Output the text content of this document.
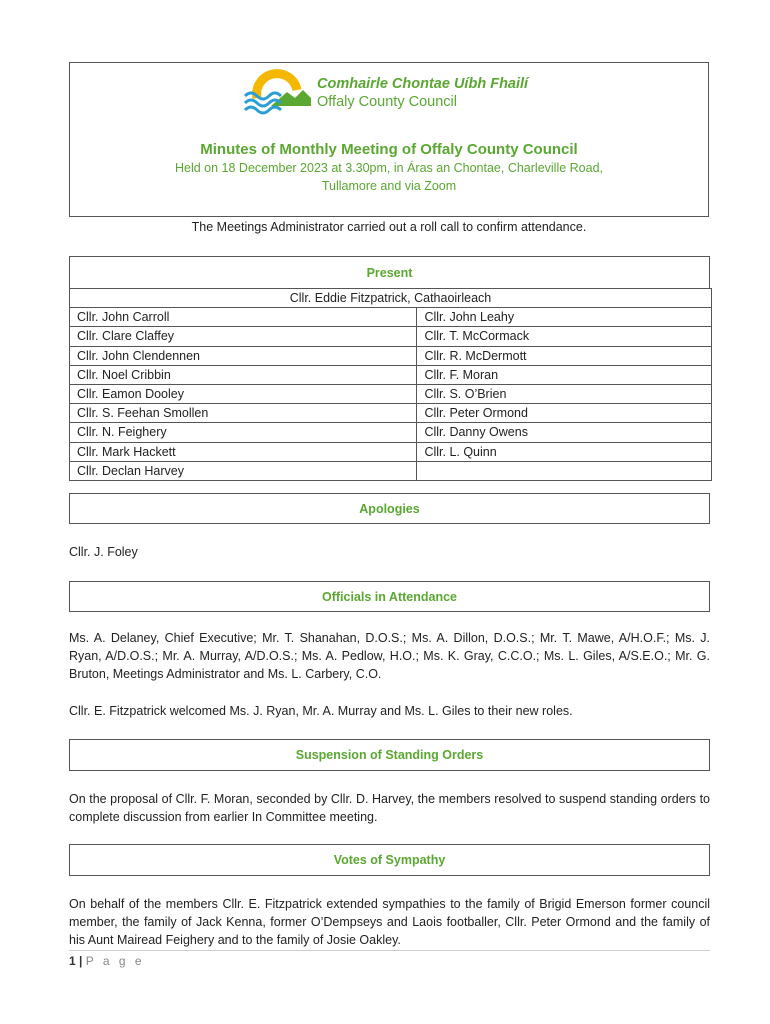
Comhairle Chontae Uíbh Fhailí
Offaly County Council
Minutes of Monthly Meeting of Offaly County Council
Held on 18 December 2023 at 3.30pm, in Áras an Chontae, Charleville Road,
Tullamore and via Zoom
The Meetings Administrator carried out a roll call to confirm attendance.
Present
Cllr. Eddie Fitzpatrick, Cathaoirleach	
Cllr. John Carroll	Cllr. John Leahy
Cllr. Clare Claffey	Cllr. T. McCormack
Cllr. John Clendennen	Cllr. R. McDermott
Cllr. Noel Cribbin	Cllr. F. Moran
Cllr. Eamon Dooley	Cllr. S. O’Brien
Cllr. S. Feehan Smollen	Cllr. Peter Ormond
Cllr. N. Feighery	Cllr. Danny Owens
Cllr. Mark Hackett	Cllr. L. Quinn
Cllr. Declan Harvey	
Apologies
Cllr. J. Foley
Officials in Attendance
Ms. A. Delaney, Chief Executive; Mr. T. Shanahan, D.O.S.; Ms. A. Dillon, D.O.S.; Mr. T. Mawe, A/H.O.F.; Ms. J. Ryan, A/D.O.S.; Mr. A. Murray, A/D.O.S.; Ms. A. Pedlow, H.O.; Ms. K. Gray, C.C.O.; Ms. L. Giles, A/S.E.O.; Mr. G. Bruton, Meetings Administrator and Ms. L. Carbery, C.O.
Cllr. E. Fitzpatrick welcomed Ms. J. Ryan, Mr. A. Murray and Ms. L. Giles to their new roles.
Suspension of Standing Orders
On the proposal of Cllr. F. Moran, seconded by Cllr. D. Harvey, the members resolved to suspend standing orders to complete discussion from earlier In Committee meeting.
Votes of Sympathy
On behalf of the members Cllr. E. Fitzpatrick extended sympathies to the family of Brigid Emerson former council member, the family of Jack Kenna, former O’Dempseys and Laois footballer, Cllr. Peter Ormond and the family of his Aunt Mairead Feighery and to the family of Josie Oakley.
1 | P a g e
